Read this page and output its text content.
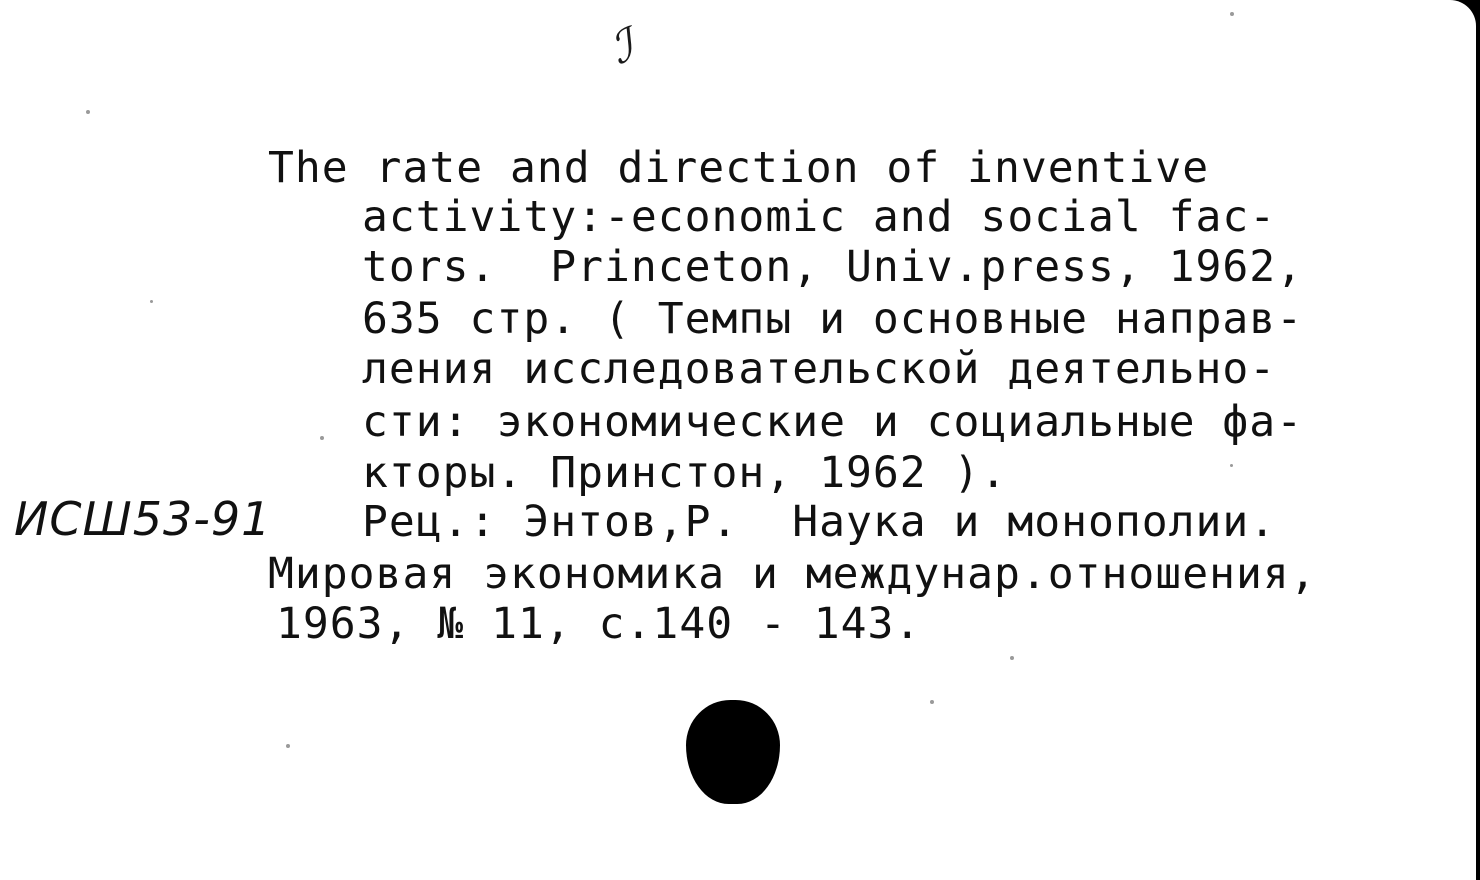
ℐ
The rate and direction of inventive
activity:-economic and social fac-
tors.  Princeton, Univ.press, 1962,
635 стр. ( Темпы и основные направ-
ления исследовательской деятельно-
сти: экономические и социальные фа-
кторы. Принстон, 1962 ).
Рец.: Энтов,Р.  Наука и монополии.
Мировая экономика и междунар.отношения,
1963, № 11, с.140 - 143.
ИСШ53-91
